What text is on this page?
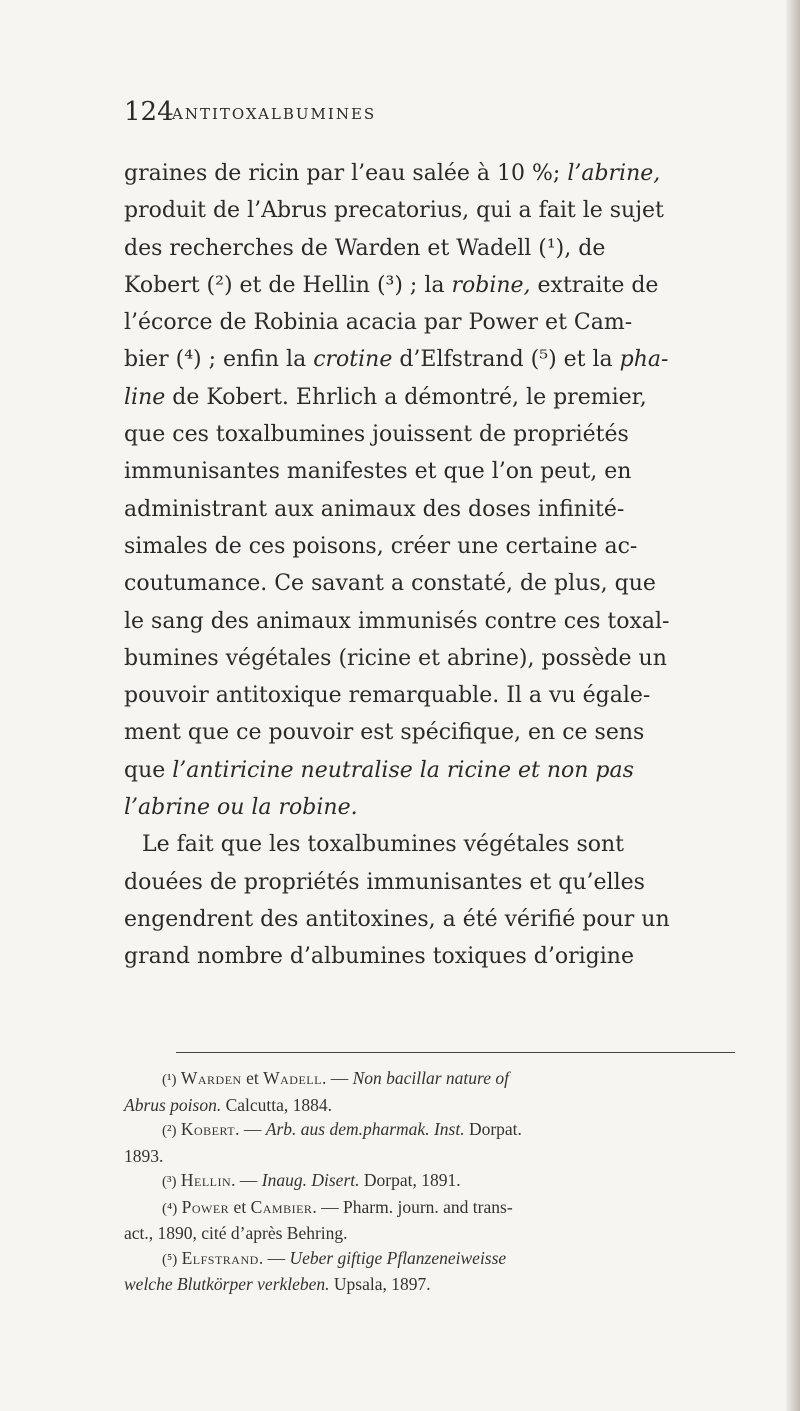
124
ANTITOXALBUMINES
graines de ricin par l’eau salée à 10 %; l’abrine,
produit de l’Abrus precatorius, qui a fait le sujet
des recherches de Warden et Wadell (¹), de
Kobert (²) et de Hellin (³) ; la robine, extraite de
l’écorce de Robinia acacia par Power et Cam-
bier (⁴) ; enfin la crotine d’Elfstrand (⁵) et la pha-
line de Kobert. Ehrlich a démontré, le premier,
que ces toxalbumines jouissent de propriétés
immunisantes manifestes et que l’on peut, en
administrant aux animaux des doses infinité-
simales de ces poisons, créer une certaine ac-
coutumance. Ce savant a constaté, de plus, que
le sang des animaux immunisés contre ces toxal-
bumines végétales (ricine et abrine), possède un
pouvoir antitoxique remarquable. Il a vu égale-
ment que ce pouvoir est spécifique, en ce sens
que l’antiricine neutralise la ricine et non pas
l’abrine ou la robine.
Le fait que les toxalbumines végétales sont
douées de propriétés immunisantes et qu’elles
engendrent des antitoxines, a été vérifié pour un
grand nombre d’albumines toxiques d’origine
(¹) Warden et Wadell. — Non bacillar nature of
Abrus poison. Calcutta, 1884.
(²) Kobert. — Arb. aus dem.pharmak. Inst. Dorpat.
1893.
(³) Hellin. — Inaug. Disert. Dorpat, 1891.
(⁴) Power et Cambier. — Pharm. journ. and trans-
act., 1890, cité d’après Behring.
(⁵) Elfstrand. — Ueber giftige Pflanzeneiweisse
welche Blutkörper verkleben. Upsala, 1897.
